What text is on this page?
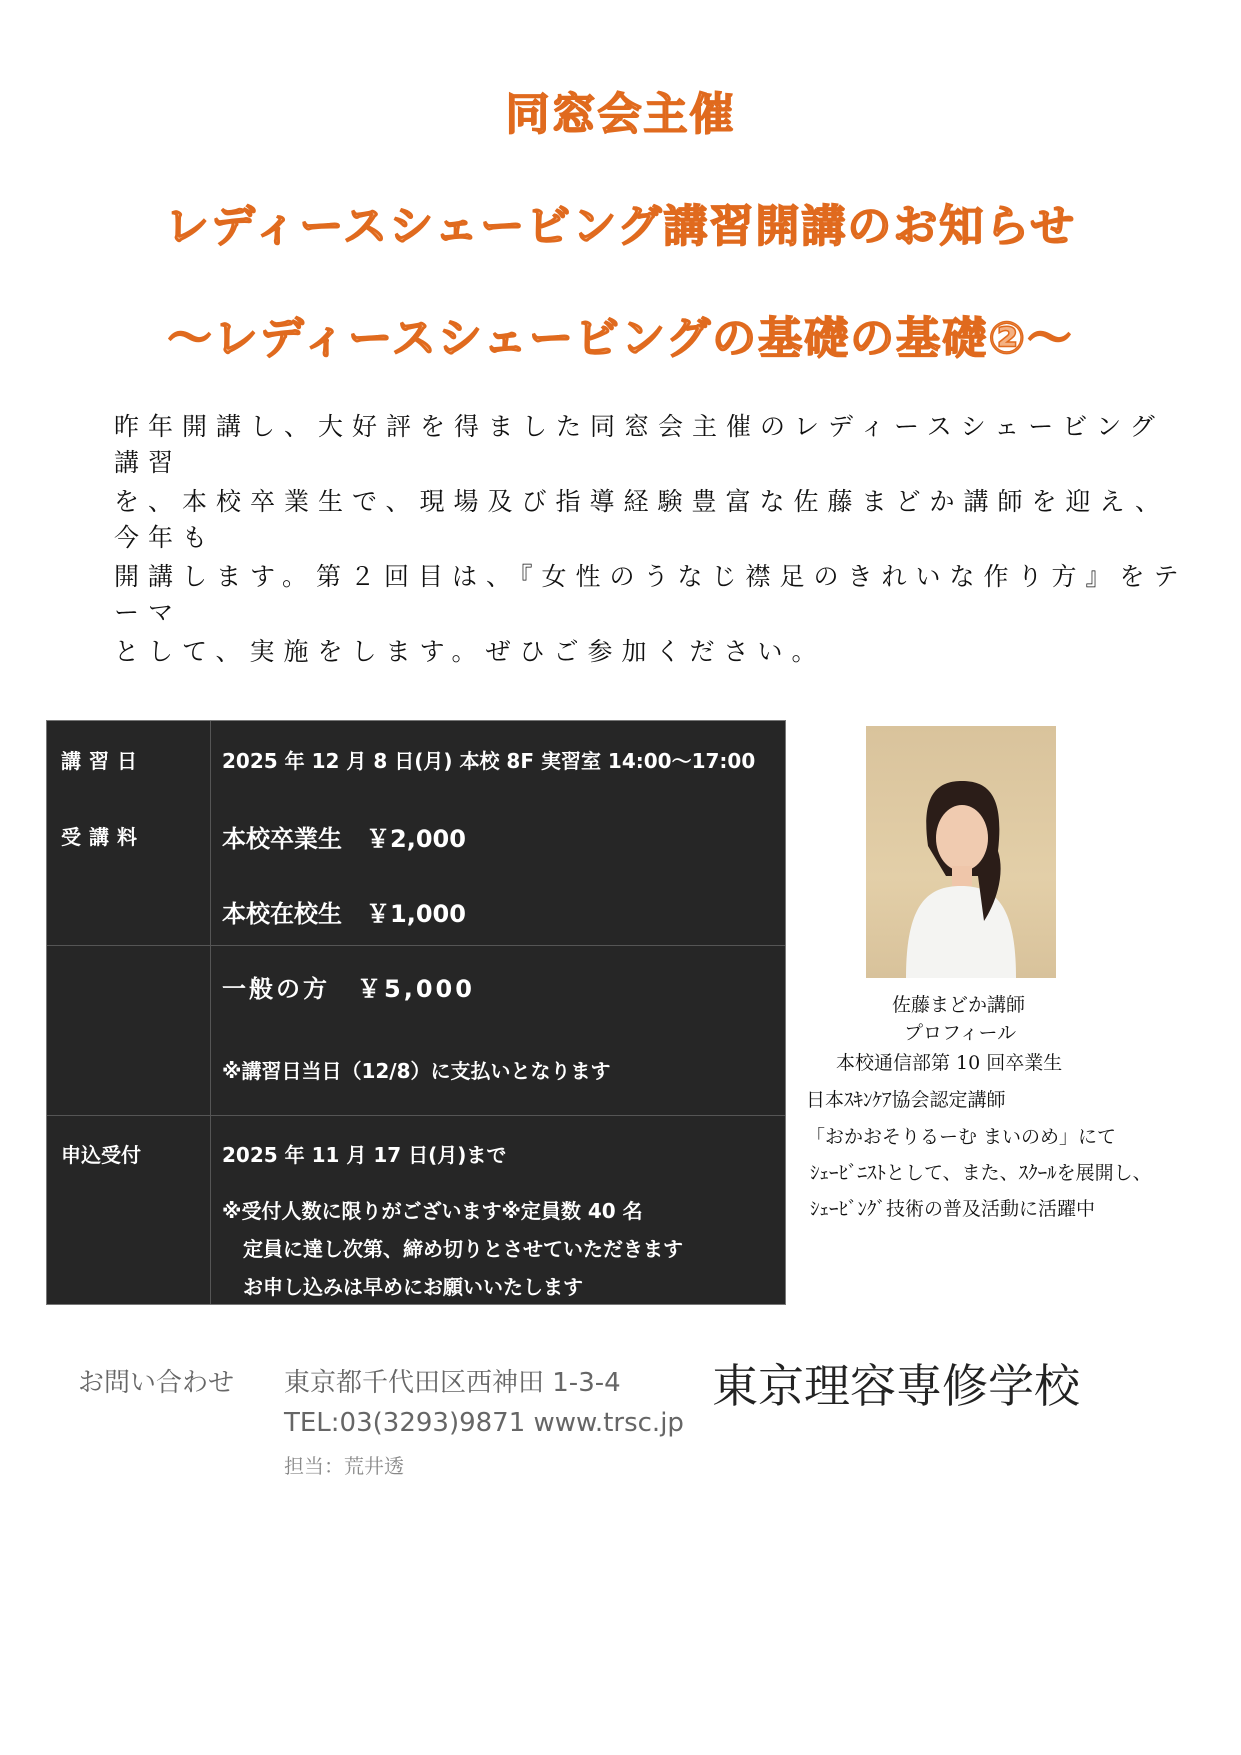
同窓会主催
レディースシェービング講習開講のお知らせ
～レディースシェービングの基礎の基礎②～
昨年開講し、大好評を得ました同窓会主催のレディースシェービング講習
を、本校卒業生で、現場及び指導経験豊富な佐藤まどか講師を迎え、今年も
開講します。第２回目は、『女性のうなじ襟足のきれいな作り方』をテーマ
として、実施をします。ぜひご参加ください。
講習日	2025 年 12 月 8 日(月) 本校 8F 実習室 14:00～17:00
受講料	本校卒業生　￥2,000
本校在校生　￥1,000
一般の方　￥5,000
※講習日当日（12/8）に支払いとなります
申込受付	2025 年 11 月 17 日(月)まで
※受付人数に限りがございます※定員数 40 名
定員に達し次第、締め切りとさせていただきます
お申し込みは早めにお願いいたします
佐藤まどか講師
プロフィール
本校通信部第 10 回卒業生
日本ｽｷﾝｹｱ協会認定講師
「おかおそりるーむ まいのめ」にて
ｼｪｰﾋﾞﾆｽﾄとして、また、ｽｸｰﾙを展開し、
ｼｪｰﾋﾞﾝｸﾞ技術の普及活動に活躍中
お問い合わせ 東京都千代田区西神田 1-3-4
TEL:03(3293)9871 www.trsc.jp
担当：荒井透
東京理容専修学校
